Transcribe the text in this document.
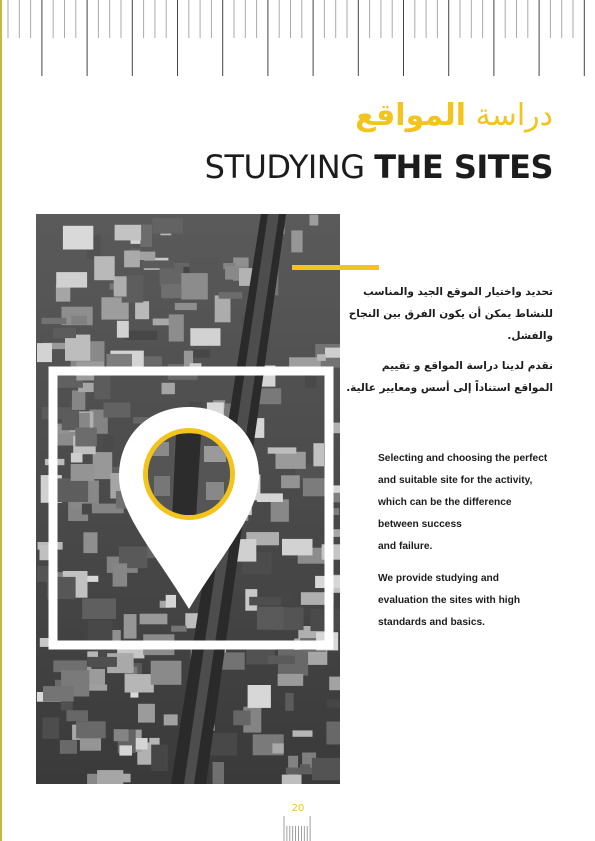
دراسة المواقع
STUDYING THE SITES

تحديد واختيار الموقع الجيد والمناسب للنشاط يمكن أن يكون الفرق بين النجاح والفشل.

نقدم لدينا دراسة المواقع و تقييم المواقع استناداً إلى أسس ومعايير عالية.

Selecting and choosing the perfect
and suitable site for the activity,
which can be the difference
between success
and failure.

We provide studying and
evaluation the sites with high
standards and basics.

20
